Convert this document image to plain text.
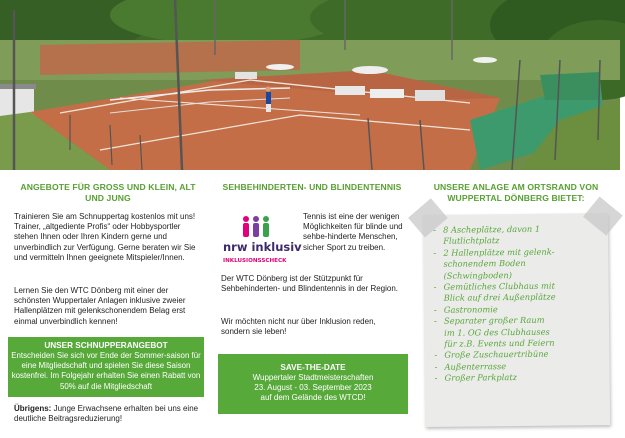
ANGEBOTE FÜR GROSS UND KLEIN, ALT UND JUNG
Trainieren Sie am Schnuppertag kostenlos mit uns! Trainer, „altgediente Profis“ oder Hobbysportler stehen Ihnen oder Ihren Kindern gerne und unverbindlich zur Verfügung. Gerne beraten wir Sie und vermitteln Ihnen geeignete Mitspieler/Innen.
Lernen Sie den WTC Dönberg mit einer der schönsten Wuppertaler Anlagen inklusive zweier Hallenplätzen mit gelenkschonendem Belag erst einmal unverbindlich kennen!
UNSER SCHNUPPERANGEBOT
Entscheiden Sie sich vor Ende der Sommer-saison für eine Mitgliedschaft und spielen Sie diese Saison kostenfrei. Im Folgejahr erhalten Sie einen Rabatt von 50% auf die Mitgliedschaft
Übrigens: Junge Erwachsene erhalten bei uns eine deutliche Beitragsreduzierung!
SEHBEHINDERTEN- UND BLINDENTENNIS
nrw inklusiv
INKLUSIONSSCHECK
Tennis ist eine der wenigen Möglichkeiten für blinde und sehbe-hinderte Menschen, sicher Sport zu treiben.
Der WTC Dönberg ist der Stützpunkt für Sehbehinderten- und Blindentennis in der Region.
Wir möchten nicht nur über Inklusion reden, sondern sie leben!
SAVE-THE-DATE
Wuppertaler Stadtmeisterschaften
23. August - 03. September 2023
auf dem Gelände des WTCD!
UNSERE ANLAGE AM ORTSRAND VON WUPPERTAL DÖNBERG BIETET:
- 8 Ascheplätze, davon 1
Flutlichtplatz
- 2 Hallenplätze mit gelenk-
schonendem Boden
(Schwingboden)
- Gemütliches Clubhaus mit
Blick auf drei Außenplätze
- Gastronomie
- Separater großer Raum
im 1. OG des Clubhauses
für z.B. Events und Feiern
- Große Zuschauertribüne
- Außenterrasse
- Großer Parkplatz
